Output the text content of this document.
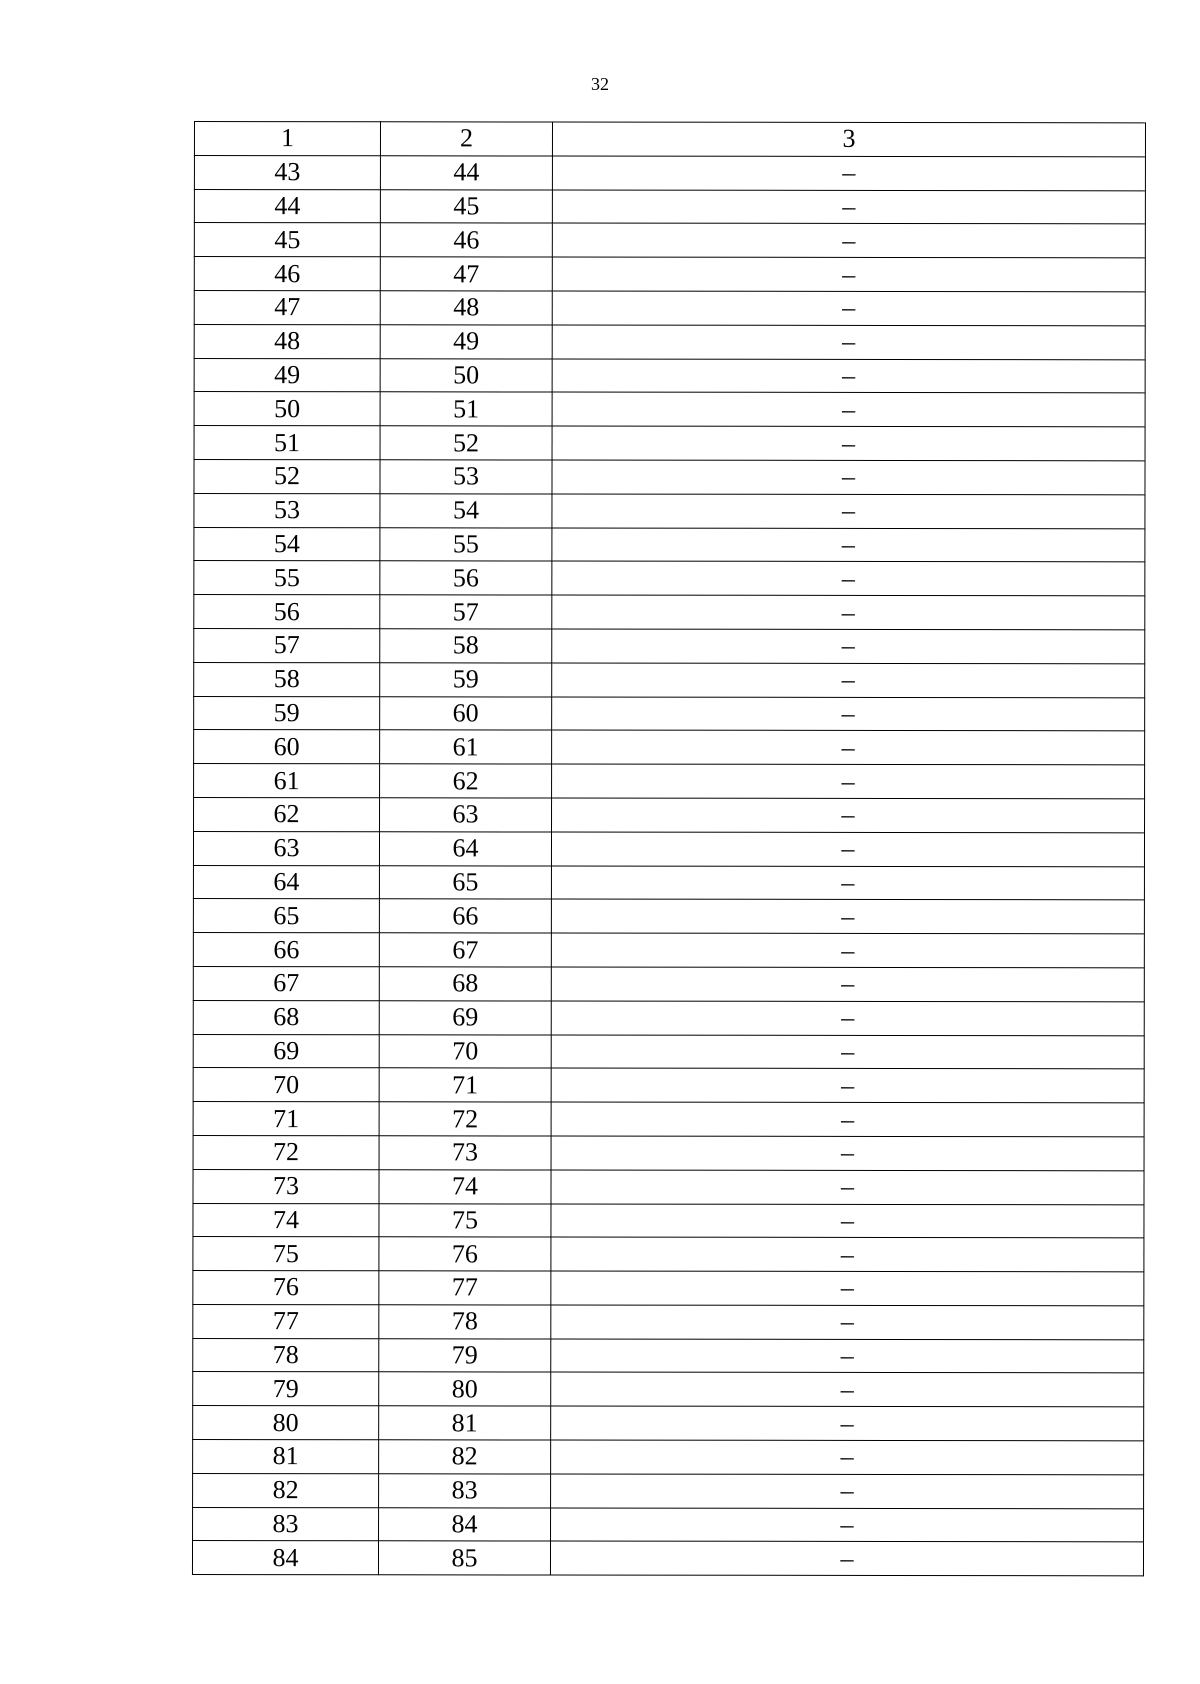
32
1	2	3
43	44	–
44	45	–
45	46	–
46	47	–
47	48	–
48	49	–
49	50	–
50	51	–
51	52	–
52	53	–
53	54	–
54	55	–
55	56	–
56	57	–
57	58	–
58	59	–
59	60	–
60	61	–
61	62	–
62	63	–
63	64	–
64	65	–
65	66	–
66	67	–
67	68	–
68	69	–
69	70	–
70	71	–
71	72	–
72	73	–
73	74	–
74	75	–
75	76	–
76	77	–
77	78	–
78	79	–
79	80	–
80	81	–
81	82	–
82	83	–
83	84	–
84	85	–
